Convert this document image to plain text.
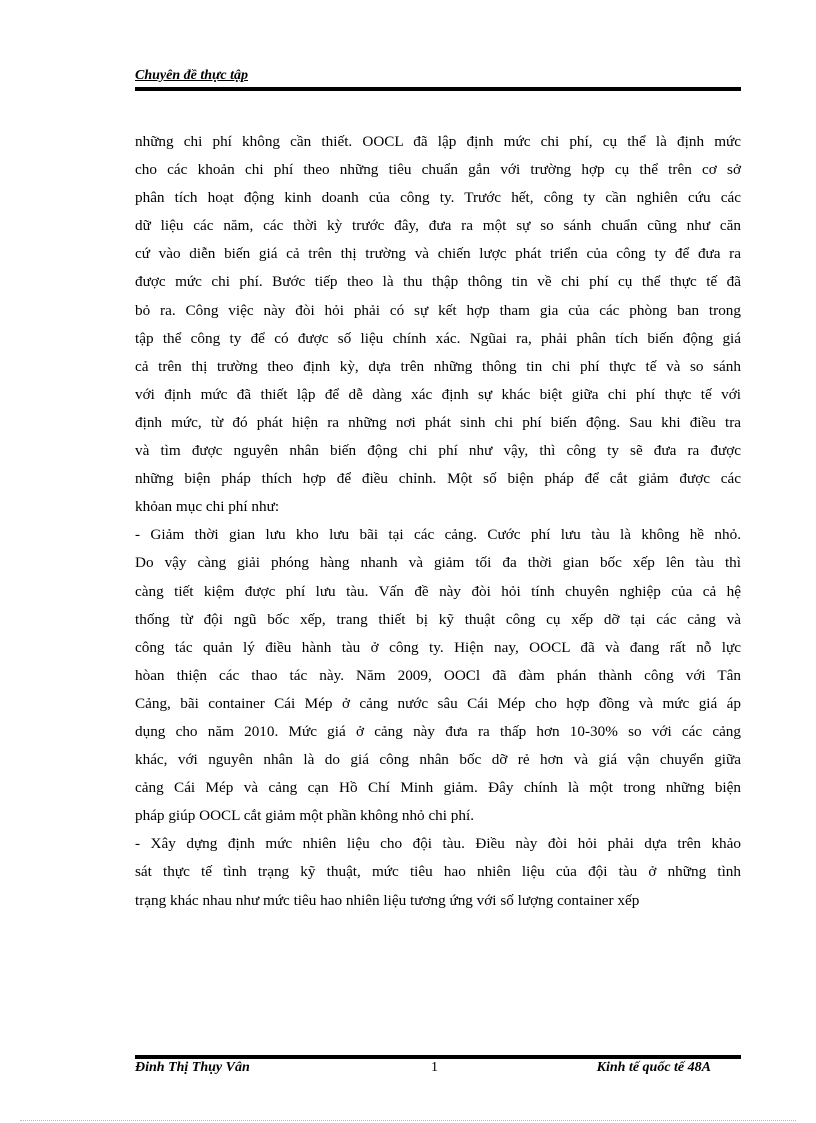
Chuyên đề thực tập
những chi phí không cần thiết. OOCL đã lập định mức chi phí, cụ thể là định mức
cho các khoản chi phí theo những tiêu chuẩn gắn với trường hợp cụ thể trên cơ sở
phân tích hoạt động kinh doanh của công ty. Trước hết, công ty cần nghiên cứu các
dữ liệu các năm, các thời kỳ trước đây, đưa ra một sự so sánh chuẩn cũng như căn
cứ vào diễn biến giá cả trên thị trường và chiến lược phát triển của công ty để đưa ra
được mức chi phí. Bước tiếp theo là thu thập thông tin về chi phí cụ thể thực tế đã
bỏ ra. Công việc này đòi hỏi phải có sự kết hợp tham gia của các phòng ban trong
tập thể công ty để có được số liệu chính xác. Ngũai ra, phải phân tích biến động giá
cả trên thị trường theo định kỳ, dựa trên những thông tin chi phí thực tế và so sánh
với định mức đã thiết lập để dễ dàng xác định sự khác biệt giữa chi phí thực tế với
định mức, từ đó phát hiện ra những nơi phát sinh chi phí biến động. Sau khi điều tra
và tìm được nguyên nhân biến động chi phí như vậy, thì công ty sẽ đưa ra được
những biện pháp thích hợp để điều chỉnh. Một số biện pháp để cắt giảm được các
khỏan mục chi phí như:
- Giảm thời gian lưu kho lưu bãi tại các cảng. Cước phí lưu tàu là không hề nhỏ.
Do vậy càng giải phóng hàng nhanh và giảm tối đa thời gian bốc xếp lên tàu thì
càng tiết kiệm được phí lưu tàu. Vấn đề này đòi hỏi tính chuyên nghiệp của cả hệ
thống từ đội ngũ bốc xếp, trang thiết bị kỹ thuật công cụ xếp dỡ tại các cảng và
công tác quản lý điều hành tàu ở công ty. Hiện nay, OOCL đã và đang rất nỗ lực
hòan thiện các thao tác này. Năm 2009, OOCl đã đàm phán thành công với Tân
Cảng, bãi container Cái Mép ở cảng nước sâu Cái Mép cho hợp đồng và mức giá áp
dụng cho năm 2010. Mức giá ở cảng này đưa ra thấp hơn 10-30% so với các cảng
khác, với nguyên nhân là do giá công nhân bốc dỡ rẻ hơn và giá vận chuyển giữa
cảng Cái Mép và cảng cạn Hồ Chí Minh giảm. Đây chính là một trong những biện
pháp giúp OOCL cắt giảm một phần không nhỏ chi phí.
- Xây dựng định mức nhiên liệu cho đội tàu. Điều này đòi hỏi phải dựa trên khảo
sát thực tế tình trạng kỹ thuật, mức tiêu hao nhiên liệu của đội tàu ở những tình
trạng khác nhau như mức tiêu hao nhiên liệu tương ứng với số lượng container xếp
Đinh Thị Thụy Vân	1	Kinh tế quốc tế 48A
